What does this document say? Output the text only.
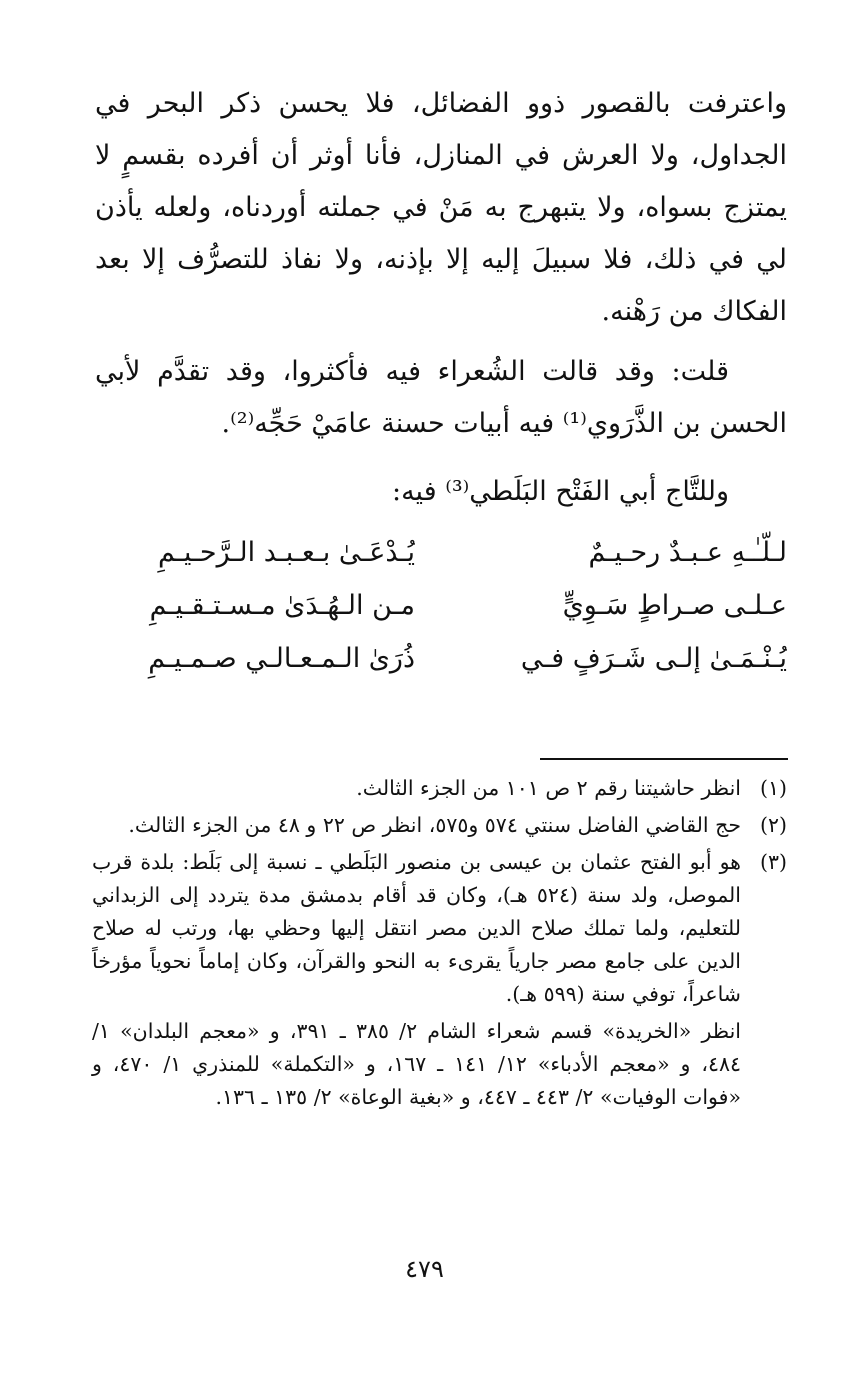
واعترفت بالقصور ذوو الفضائل، فلا يحسن ذكر البحر في الجداول، ولا العرش في المنازل، فأنا أوثر أن أفرده بقسمٍ لا يمتزج بسواه، ولا يتبهرج به مَنْ في جملته أوردناه، ولعله يأذن لي في ذلك، فلا سبيلَ إليه إلا بإذنه، ولا نفاذ للتصرُّف إلا بعد الفكاك من رَهْنه.

قلت: وقد قالت الشُعراء فيه فأكثروا، وقد تقدَّم لأبي الحسن بن الذَّرَوي⁽¹⁾ فيه أبيات حسنة عامَيْ حَجِّه⁽²⁾.

وللتَّاج أبي الفَتْح البَلَطي⁽³⁾ فيه:

لـلّـٰـهِ عـبـدٌ رحـيـمٌ
يُـدْعَـىٰ بـعـبـد الـرَّحـيـمِ
عـلـى صـراطٍ سَـوِيٍّ
مـن الـهُـدَىٰ مـسـتـقـيـمِ
يُـنْـمَـىٰ إلـى شَـرَفٍ فـي
ذُرَىٰ الـمـعـالـي صـمـيـمِ
(١)
انظر حاشيتنا رقم ٢ ص ١٠١ من الجزء الثالث.
(٢)
حج القاضي الفاضل سنتي ٥٧٤ و٥٧٥، انظر ص ٢٢ و ٤٨ من الجزء الثالث.
(٣)
هو أبو الفتح عثمان بن عيسى بن منصور البَلَطي ـ نسبة إلى بَلَط: بلدة قرب الموصل، ولد سنة (٥٢٤ هـ)، وكان قد أقام بدمشق مدة يتردد إلى الزبداني للتعليم، ولما تملك صلاح الدين مصر انتقل إليها وحظي بها، ورتب له صلاح الدين على جامع مصر جارياً يقرىء به النحو والقرآن، وكان إماماً نحوياً مؤرخاً شاعراً، توفي سنة (٥٩٩ هـ).
انظر «الخريدة» قسم شعراء الشام ٢/ ٣٨٥ ـ ٣٩١، و «معجم البلدان» ١/ ٤٨٤، و «معجم الأدباء» ١٢/ ١٤١ ـ ١٦٧، و «التكملة» للمنذري ١/ ٤٧٠، و «فوات الوفيات» ٢/ ٤٤٣ ـ ٤٤٧، و «بغية الوعاة» ٢/ ١٣٥ ـ ١٣٦.
٤٧٩
